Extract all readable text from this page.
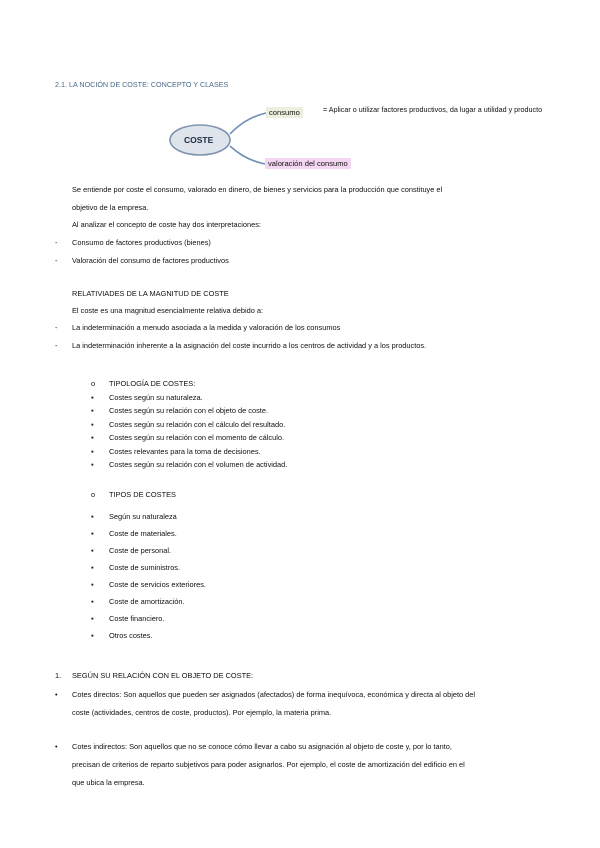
2.1. LA NOCIÓN DE COSTE: CONCEPTO Y CLASES
COSTE
consumo
valoración del consumo
= Aplicar o utilizar factores productivos, da lugar a utilidad y producto
Se entiende por coste el consumo, valorado en dinero, de bienes y servicios para la producción que constituye el
objetivo de la empresa.
Al analizar el concepto de coste hay dos interpretaciones:
- Consumo de factores productivos (bienes)
- Valoración del consumo de factores productivos
RELATIVIADES DE LA MAGNITUD DE COSTE
El coste es una magnitud esencialmente relativa debido a:
- La indeterminación a menudo asociada a la medida y valoración de los consumos
- La indeterminación inherente a la asignación del coste incurrido a los centros de actividad y a los productos.
o TIPOLOGÍA DE COSTES:
▪ Costes según su naturaleza.
▪ Costes según su relación con el objeto de coste.
▪ Costes según su relación con el cálculo del resultado.
▪ Costes según su relación con el momento de cálculo.
▪ Costes relevantes para la toma de decisiones.
▪ Costes según su relación con el volumen de actividad.
o TIPOS DE COSTES
▪ Según su naturaleza
▪ Coste de materiales.
▪ Coste de personal.
▪ Coste de suministros.
▪ Coste de servicios exteriores.
▪ Coste de amortización.
▪ Coste financiero.
▪ Otros costes.
1. SEGÚN SU RELACIÓN CON EL OBJETO DE COSTE:
• Cotes directos: Son aquellos que pueden ser asignados (afectados) de forma inequívoca, económica y directa al objeto del
coste (actividades, centros de coste, productos). Por ejemplo, la materia prima.
• Cotes indirectos: Son aquellos que no se conoce cómo llevar a cabo su asignación al objeto de coste y, por lo tanto,
precisan de criterios de reparto subjetivos para poder asignarlos. Por ejemplo, el coste de amortización del edificio en el
que ubica la empresa.
